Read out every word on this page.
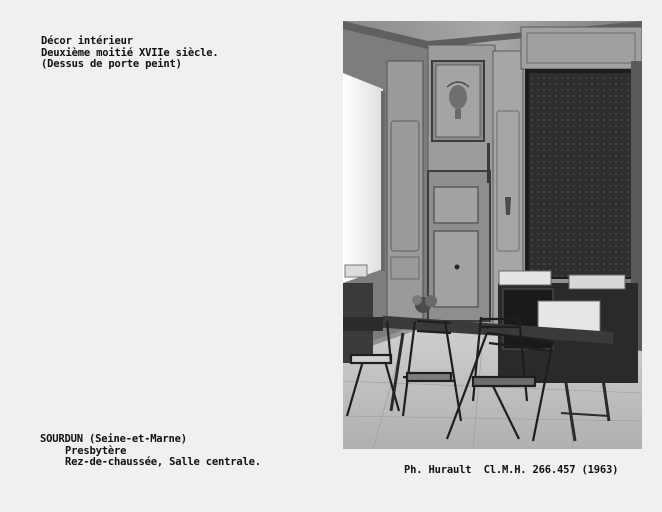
Décor intérieur
Deuxième moitié XVIIe siècle.
(Dessus de porte peint)
SOURDUN (Seine-et-Marne)
Presbytère
Rez-de-chaussée, Salle centrale.
Ph. Hurault  Cl.M.H. 266.457 (1963)
